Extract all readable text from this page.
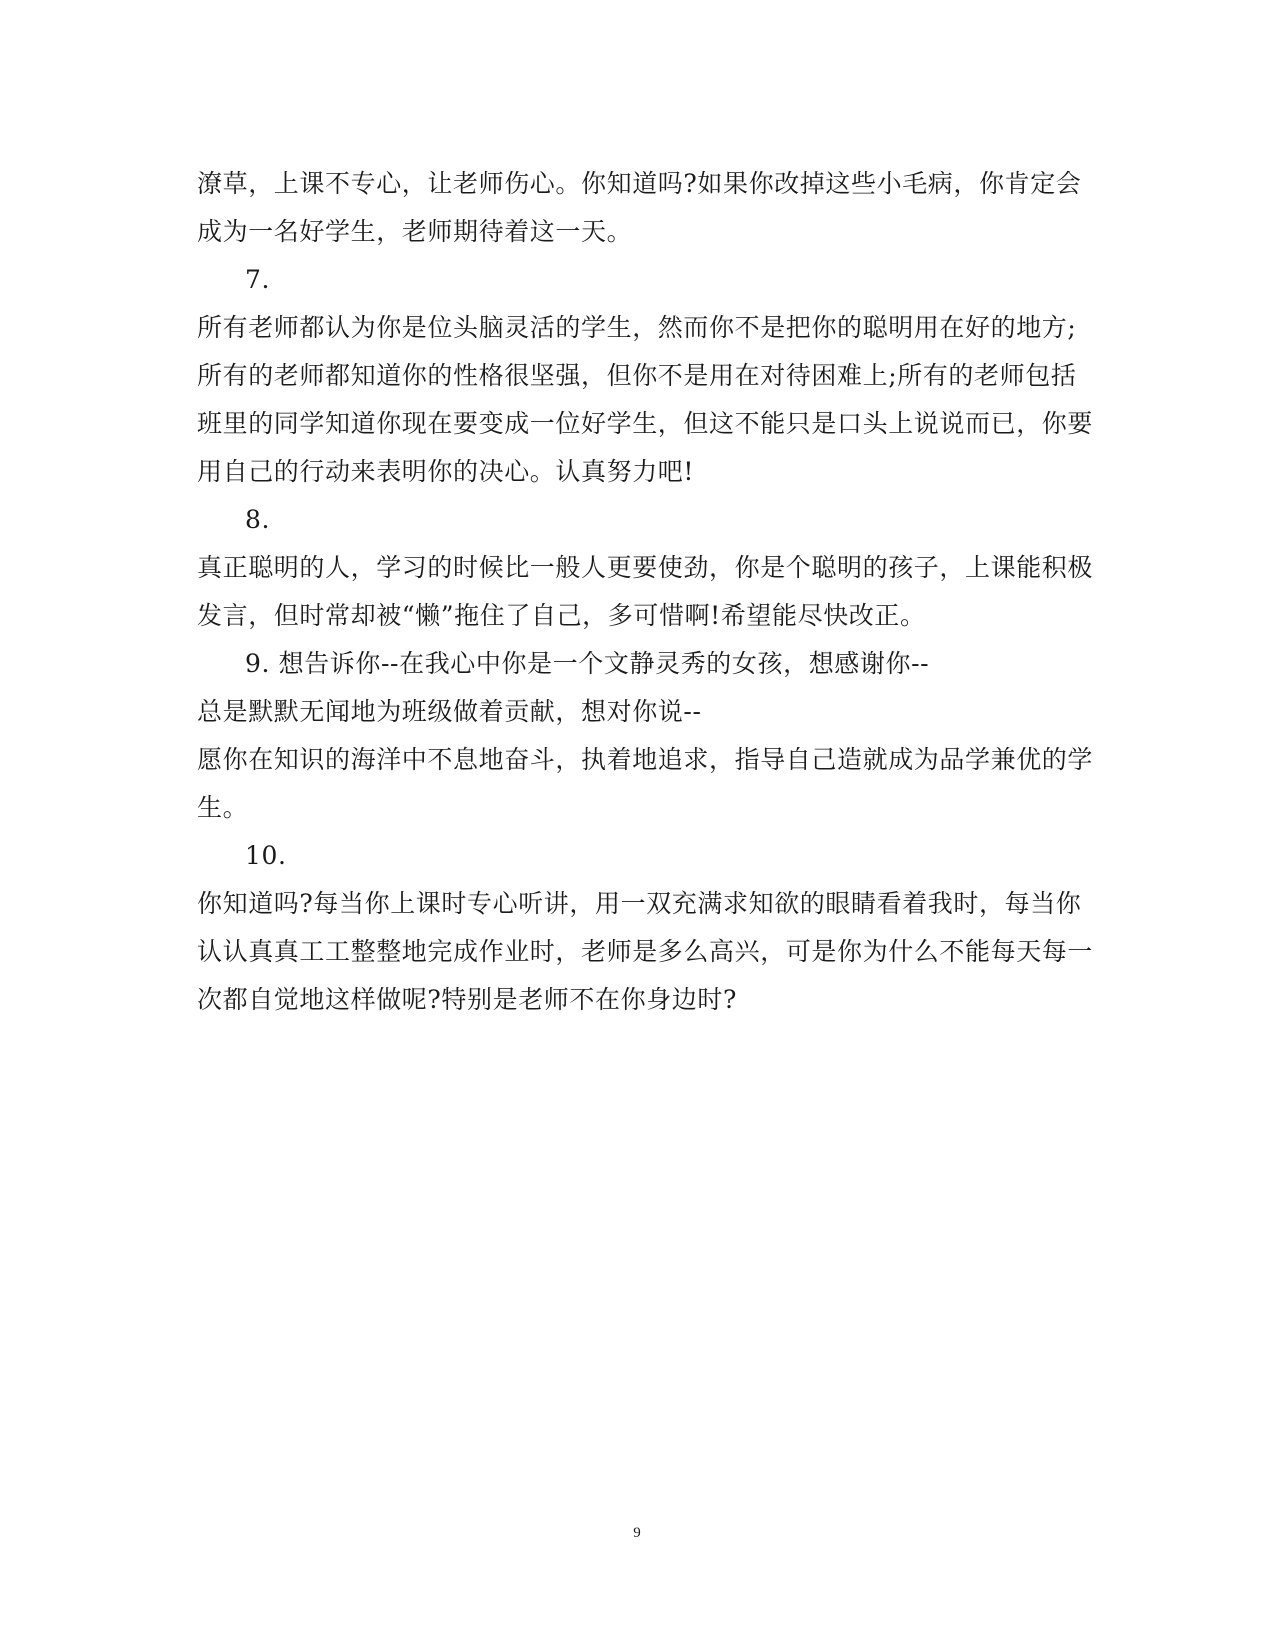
潦草，上课不专心，让老师伤心。你知道吗?如果你改掉这些小毛病，你肯定会
成为一名好学生，老师期待着这一天。
7.
所有老师都认为你是位头脑灵活的学生，然而你不是把你的聪明用在好的地方;
所有的老师都知道你的性格很坚强，但你不是用在对待困难上;所有的老师包括
班里的同学知道你现在要变成一位好学生，但这不能只是口头上说说而已，你要
用自己的行动来表明你的决心。认真努力吧!
8.
真正聪明的人，学习的时候比一般人更要使劲，你是个聪明的孩子，上课能积极
发言，但时常却被“懒”拖住了自己，多可惜啊!希望能尽快改正。
9. 想告诉你--在我心中你是一个文静灵秀的女孩，想感谢你--
总是默默无闻地为班级做着贡献，想对你说--
愿你在知识的海洋中不息地奋斗，执着地追求，指导自己造就成为品学兼优的学
生。
10.
你知道吗?每当你上课时专心听讲，用一双充满求知欲的眼睛看着我时，每当你
认认真真工工整整地完成作业时，老师是多么高兴，可是你为什么不能每天每一
次都自觉地这样做呢?特别是老师不在你身边时?
9
